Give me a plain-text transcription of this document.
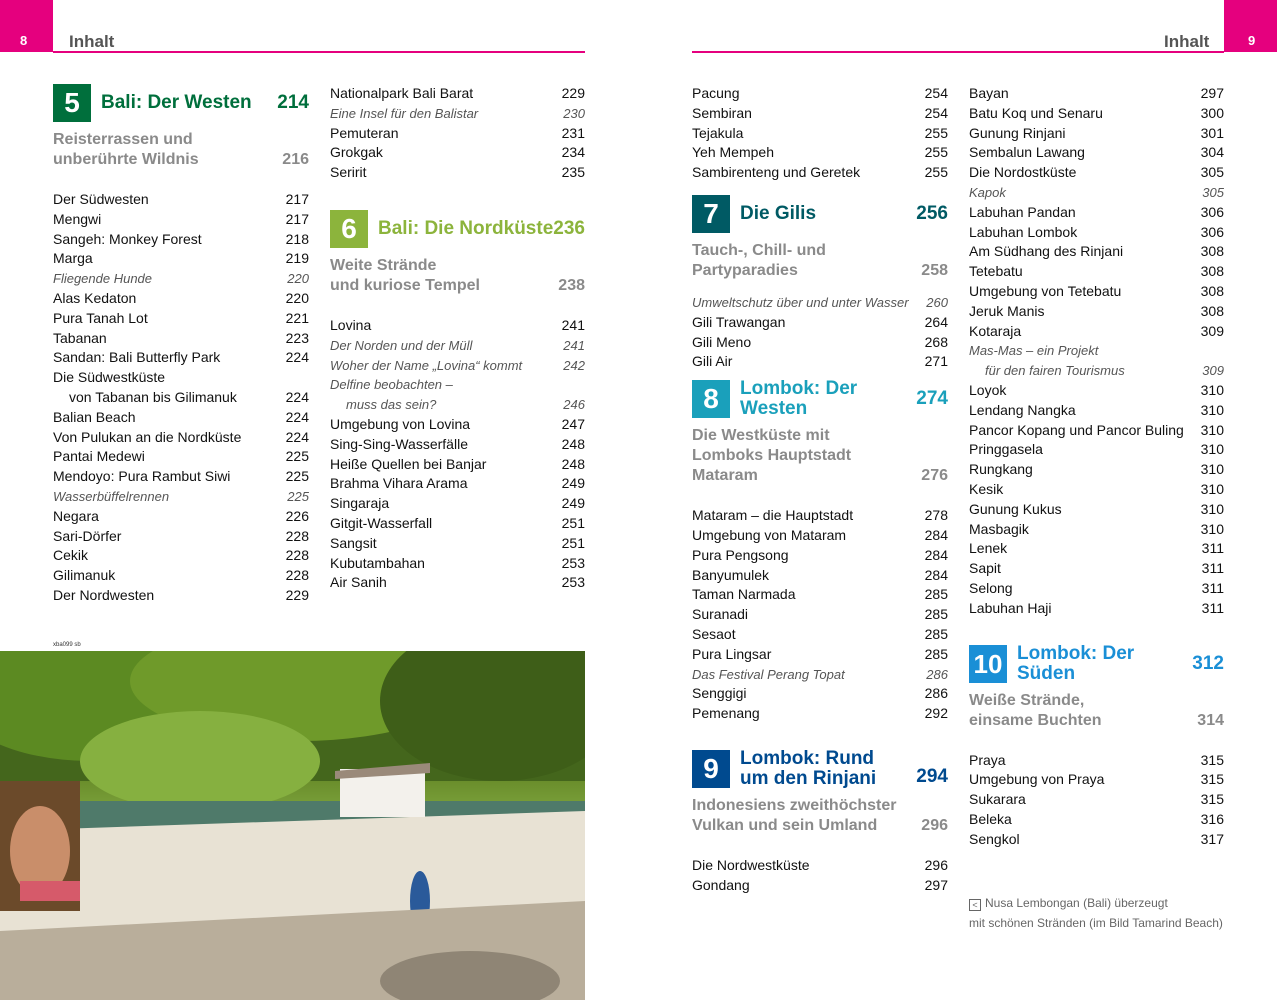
8 Inhalt	9
Inhalt
5	Bali: Der Westen	214
Reisterrassen und
unberührte Wildnis	216
Der Südwesten	217
Mengwi	217
Sangeh: Monkey Forest	218
Marga	219
Fliegende Hunde	220
Alas Kedaton	220
Pura Tanah Lot	221
Tabanan	223
Sandan: Bali Butterfly Park	224
Die Südwestküste
von Tabanan bis Gilimanuk	224
Balian Beach	224
Von Pulukan an die Nordküste	224
Pantai Medewi	225
Mendoyo: Pura Rambut Siwi	225
Wasserbüffelrennen	225
Negara	226
Sari-Dörfer	228
Cekik	228
Gilimanuk	228
Der Nordwesten	229
Nationalpark Bali Barat	229
Eine Insel für den Balistar	230
Pemuteran	231
Grokgak	234
Seririt	235
6	Bali: Die Nordküste 236
Weite Strände
und kuriose Tempel	238
Lovina	241
Der Norden und der Müll	241
Woher der Name „Lovina“ kommt	242
Delfine beobachten –
muss das sein?	246
Umgebung von Lovina	247
Sing-Sing-Wasserfälle	248
Heiße Quellen bei Banjar	248
Brahma Vihara Arama	249
Singaraja	249
Gitgit-Wasserfall	251
Sangsit	251
Kubutambahan	253
Air Sanih	253
Pacung	254
Sembiran	254
Tejakula	255
Yeh Mempeh	255
Sambirenteng und Geretek	255
7	Die Gilis	256
Tauch-, Chill- und Partyparadies	258
Umweltschutz über und unter Wasser 260
Gili Trawangan	264
Gili Meno	268
Gili Air	271
8	Lombok: Der Westen	274
Die Westküste mit
Lomboks Hauptstadt Mataram	276
Mataram – die Hauptstadt	278
Umgebung von Mataram	284
Pura Pengsong	284
Banyumulek	284
Taman Narmada	285
Suranadi	285
Sesaot	285
Pura Lingsar	285
Das Festival Perang Topat	286
Senggigi	286
Pemenang	292
9	Lombok: Rund
um den Rinjani	294
Indonesiens zweithöchster
Vulkan und sein Umland	296
Die Nordwestküste	296
Gondang	297
Bayan	297
Batu Koq und Senaru	300
Gunung Rinjani	301
Sembalun Lawang	304
Die Nordostküste	305
Kapok	305
Labuhan Pandan	306
Labuhan Lombok	306
Am Südhang des Rinjani	308
Tetebatu	308
Umgebung von Tetebatu	308
Jeruk Manis	308
Kotaraja	309
Mas-Mas – ein Projekt
für den fairen Tourismus	309
Loyok	310
Lendang Nangka	310
Pancor Kopang und Pancor Buling 310
Pringgasela	310
Rungkang	310
Kesik	310
Gunung Kukus	310
Masbagik	310
Lenek	311
Sapit	311
Selong	311
Labuhan Haji	311
10 Lombok: Der Süden	312
Weiße Strände,
einsame Buchten	314
Praya	315
Umgebung von Praya	315
Sukarara	315
Beleka	316
Sengkol	317
xba099 sb
< Nusa Lembongan (Bali) überzeugt
mit schönen Stränden (im Bild Tamarind Beach)
